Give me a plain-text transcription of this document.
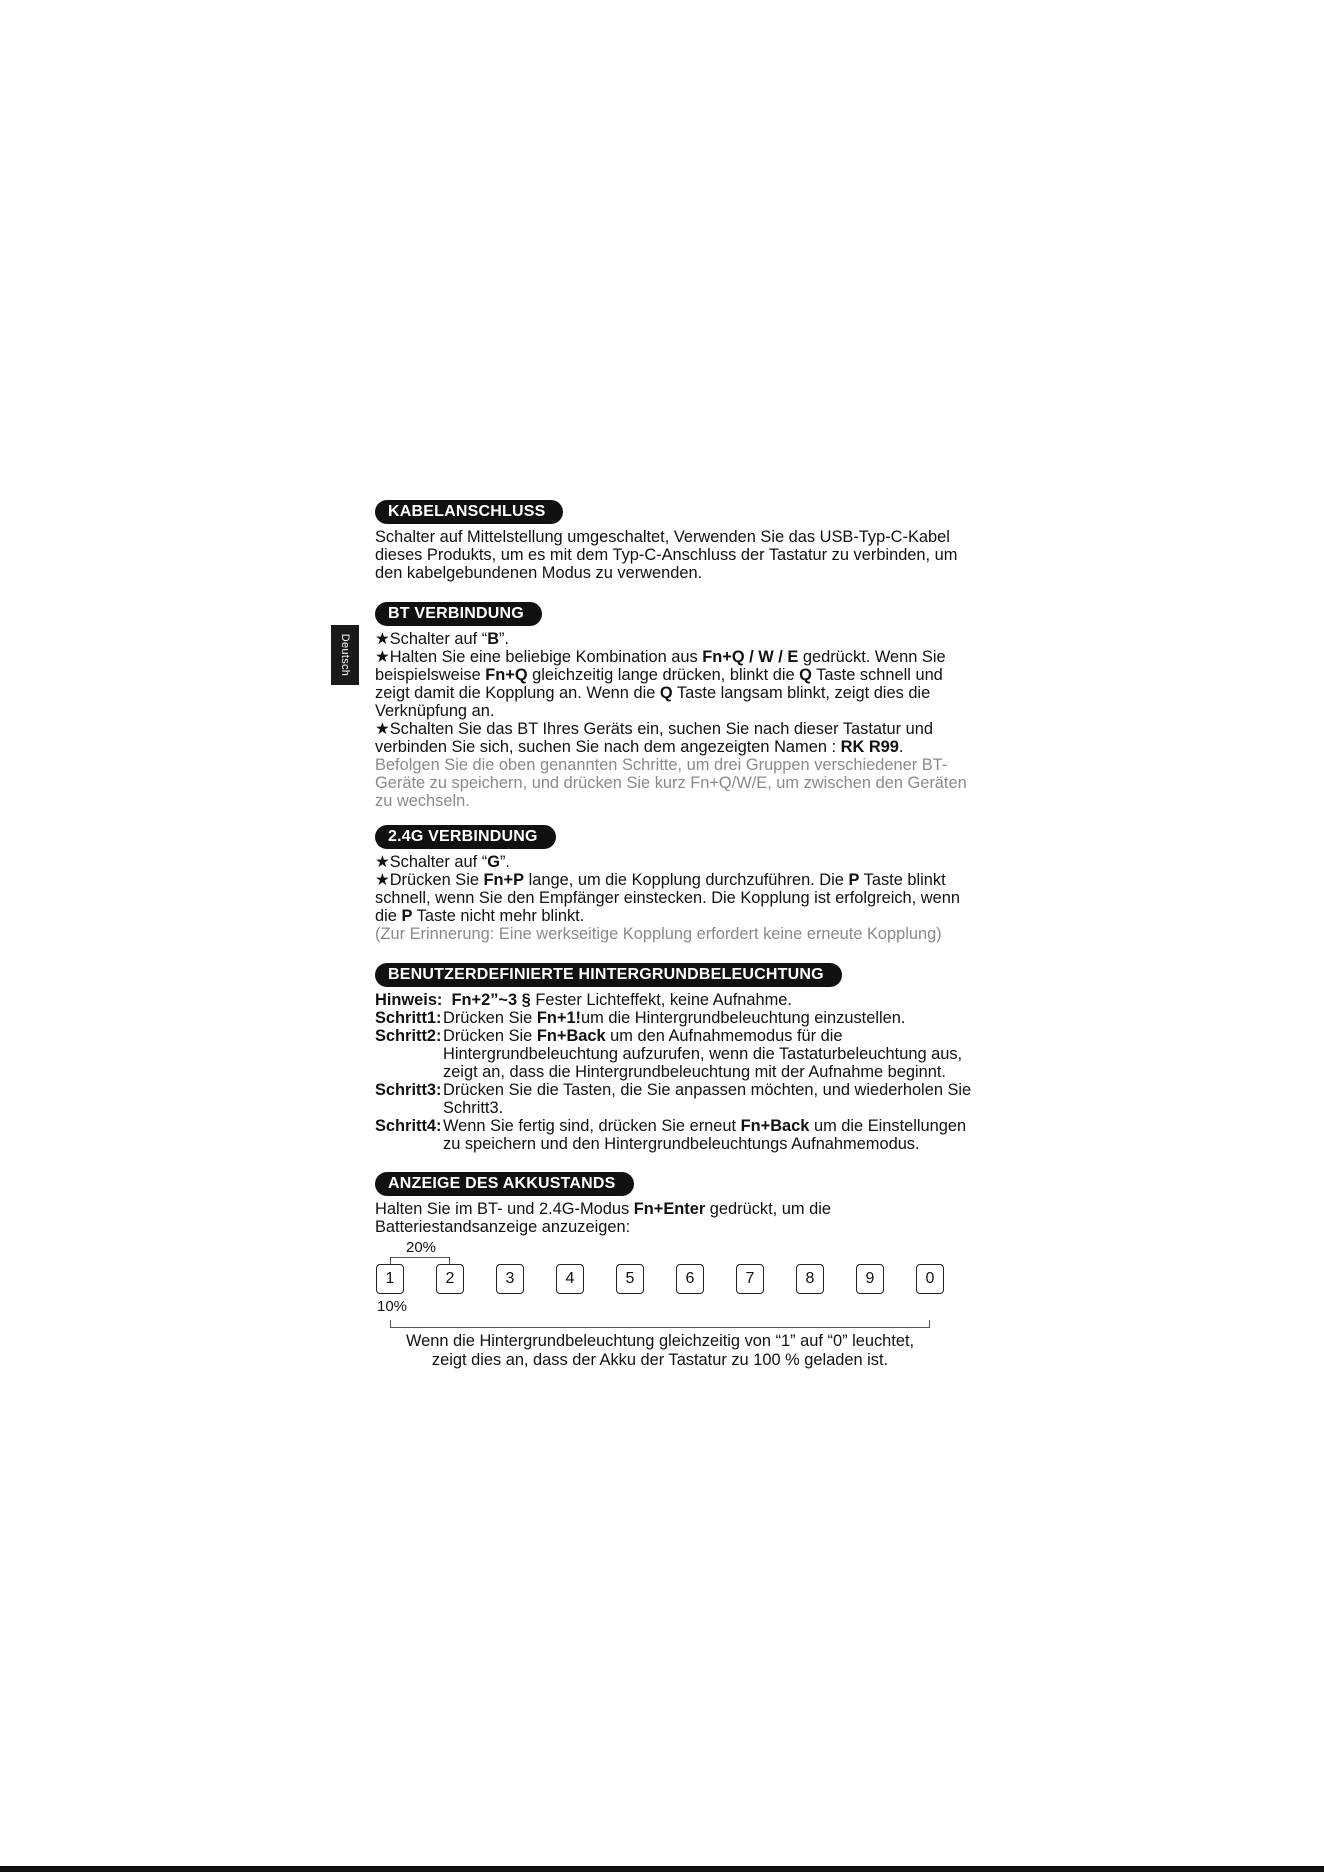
Deutsch
KABELANSCHLUSS

Schalter auf Mittelstellung umgeschaltet, Verwenden Sie das USB-Typ-C-Kabel dieses Produkts, um es mit dem Typ-C-Anschluss der Tastatur zu verbinden, um den kabelgebundenen Modus zu verwenden.

BT VERBINDUNG

★Schalter auf “B”.

★Halten Sie eine beliebige Kombination aus Fn+Q / W / E gedrückt. Wenn Sie beispielsweise Fn+Q gleichzeitig lange drücken, blinkt die Q Taste schnell und zeigt damit die Kopplung an. Wenn die Q Taste langsam blinkt, zeigt dies die Verknüpfung an.

★Schalten Sie das BT Ihres Geräts ein, suchen Sie nach dieser Tastatur und verbinden Sie sich, suchen Sie nach dem angezeigten Namen : RK R99.

Befolgen Sie die oben genannten Schritte, um drei Gruppen verschiedener BT-Geräte zu speichern, und drücken Sie kurz Fn+Q/W/E, um zwischen den Geräten zu wechseln.

2.4G VERBINDUNG

★Schalter auf “G”.

★Drücken Sie Fn+P lange, um die Kopplung durchzuführen. Die P Taste blinkt schnell, wenn Sie den Empfänger einstecken. Die Kopplung ist erfolgreich, wenn die P Taste nicht mehr blinkt.

(Zur Erinnerung: Eine werkseitige Kopplung erfordert keine erneute Kopplung)

BENUTZERDEFINIERTE HINTERGRUNDBELEUCHTUNG

Hinweis: Fn+2”~3 § Fester Lichteffekt, keine Aufnahme.

Schritt1: Drücken Sie Fn+1!um die Hintergrundbeleuchtung einzustellen.
Schritt2: Drücken Sie Fn+Back um den Aufnahmemodus für die Hintergrundbeleuchtung aufzurufen, wenn die Tastaturbeleuchtung aus, zeigt an, dass die Hintergrundbeleuchtung mit der Aufnahme beginnt.
Schritt3: Drücken Sie die Tasten, die Sie anpassen möchten, und wiederholen Sie Schritt3.
Schritt4: Wenn Sie fertig sind, drücken Sie erneut Fn+Back um die Einstellungen zu speichern und den Hintergrundbeleuchtungs Aufnahmemodus.
ANZEIGE DES AKKUSTANDS

Halten Sie im BT- und 2.4G-Modus Fn+Enter gedrückt, um die Batteriestandsanzeige anzuzeigen:

20%
1	2	3	4	5	6	7	8	9	0
10%
Wenn die Hintergrundbeleuchtung gleichzeitig von “1” auf “0” leuchtet,
zeigt dies an, dass der Akku der Tastatur zu 100 % geladen ist.
